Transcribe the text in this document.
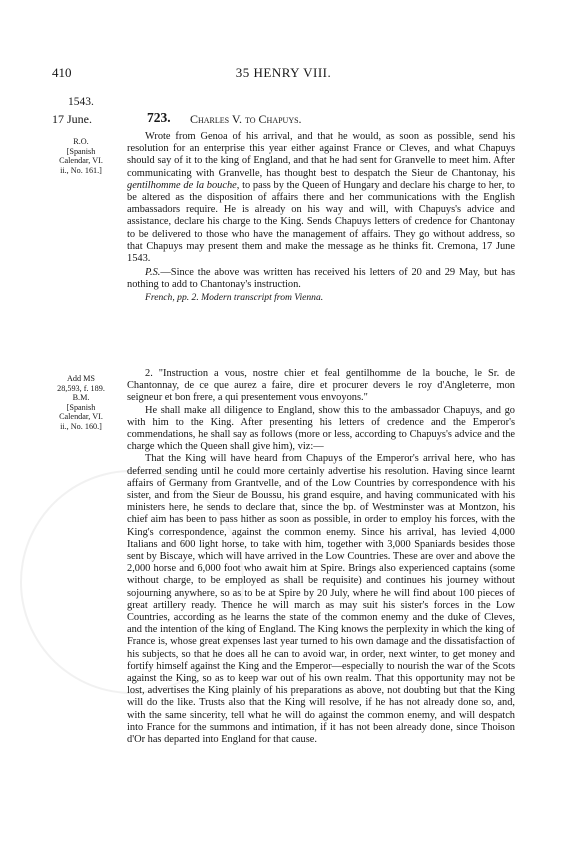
410	35 HENRY VIII.
1543.
17 June.	723. Charles V. to Chapuys.
R.O.
[Spanish
Calendar, VI.
ii., No. 161.]
Add MS
28,593, f. 189.
B.M.
[Spanish
Calendar, VI.
ii., No. 160.]

Wrote from Genoa of his arrival, and that he would, as soon as possible, send his resolution for an enterprise this year either against France or Cleves, and what Chapuys should say of it to the king of England, and that he had sent for Granvelle to meet him. After communicating with Granvelle, has thought best to despatch the Sieur de Chantonay, his gentilhomme de la bouche, to pass by the Queen of Hungary and declare his charge to her, to be altered as the disposition of affairs there and her communications with the English ambassadors require. He is already on his way and will, with Chapuys's advice and assistance, declare his charge to the King. Sends Chapuys letters of credence for Chantonay to be delivered to those who have the management of affairs. They go without address, so that Chapuys may present them and make the message as he thinks fit. Cremona, 17 June 1543.

P.S.—Since the above was written has received his letters of 20 and 29 May, but has nothing to add to Chantonay's instruction.

French, pp. 2. Modern transcript from Vienna.

2. "Instruction a vous, nostre chier et feal gentilhomme de la bouche, le Sr. de Chantonnay, de ce que aurez a faire, dire et procurer devers le roy d'Angleterre, mon seigneur et bon frere, a qui presentement vous envoyons."

He shall make all diligence to England, show this to the ambassador Chapuys, and go with him to the King. After presenting his letters of credence and the Emperor's commendations, he shall say as follows (more or less, according to Chapuys's advice and the charge which the Queen shall give him), viz:—

That the King will have heard from Chapuys of the Emperor's arrival here, who has deferred sending until he could more certainly advertise his resolution. Having since learnt affairs of Germany from Grantvelle, and of the Low Countries by correspondence with his sister, and from the Sieur de Boussu, his grand esquire, and having communicated with his ministers here, he sends to declare that, since the bp. of Westminster was at Montzon, his chief aim has been to pass hither as soon as possible, in order to employ his forces, with the King's correspondence, against the common enemy. Since his arrival, has levied 4,000 Italians and 600 light horse, to take with him, together with 3,000 Spaniards besides those sent by Biscaye, which will have arrived in the Low Countries. These are over and above the 2,000 horse and 6,000 foot who await him at Spire. Brings also experienced captains (some without charge, to be employed as shall be requisite) and continues his journey without sojourning anywhere, so as to be at Spire by 20 July, where he will find about 100 pieces of great artillery ready. Thence he will march as may suit his sister's forces in the Low Countries, according as he learns the state of the common enemy and the duke of Cleves, and the intention of the king of England. The King knows the perplexity in which the king of France is, whose great expenses last year turned to his own damage and the dissatisfaction of his subjects, so that he does all he can to avoid war, in order, next winter, to get money and fortify himself against the King and the Emperor—especially to nourish the war of the Scots against the King, so as to keep war out of his own realm. That this opportunity may not be lost, advertises the King plainly of his preparations as above, not doubting but that the King will do the like. Trusts also that the King will resolve, if he has not already done so, and, with the same sincerity, tell what he will do against the common enemy, and will despatch into France for the summons and intimation, if it has not been already done, since Thoison d'Or has departed into England for that cause.
